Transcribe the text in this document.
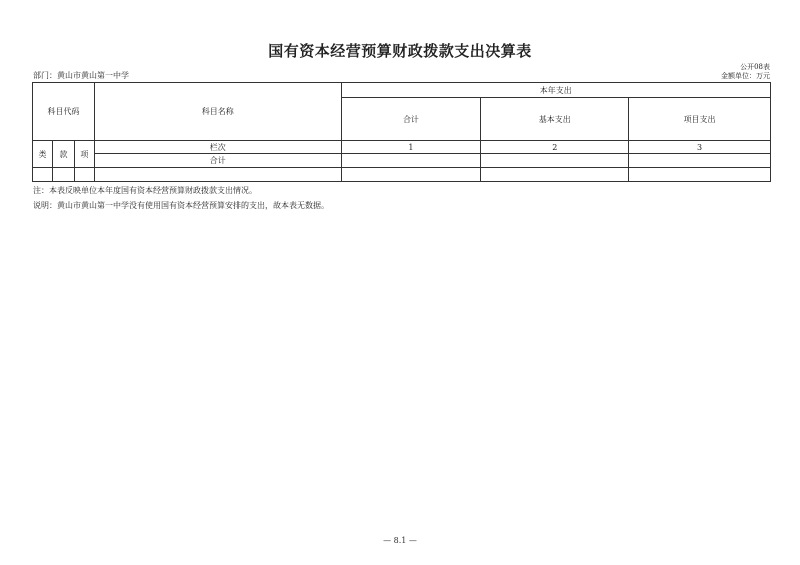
国有资本经营预算财政拨款支出决算表
公开08表
金额单位：万元
部门：黄山市黄山第一中学
科目代码			科目名称	本年支出		
				合计	基本支出	项目支出
类	款	项	栏次	1	2	3
			合计			

注：本表反映单位本年度国有资本经营预算财政拨款支出情况。
说明：黄山市黄山第一中学没有使用国有资本经营预算安排的支出，故本表无数据。
— 8.1 —
